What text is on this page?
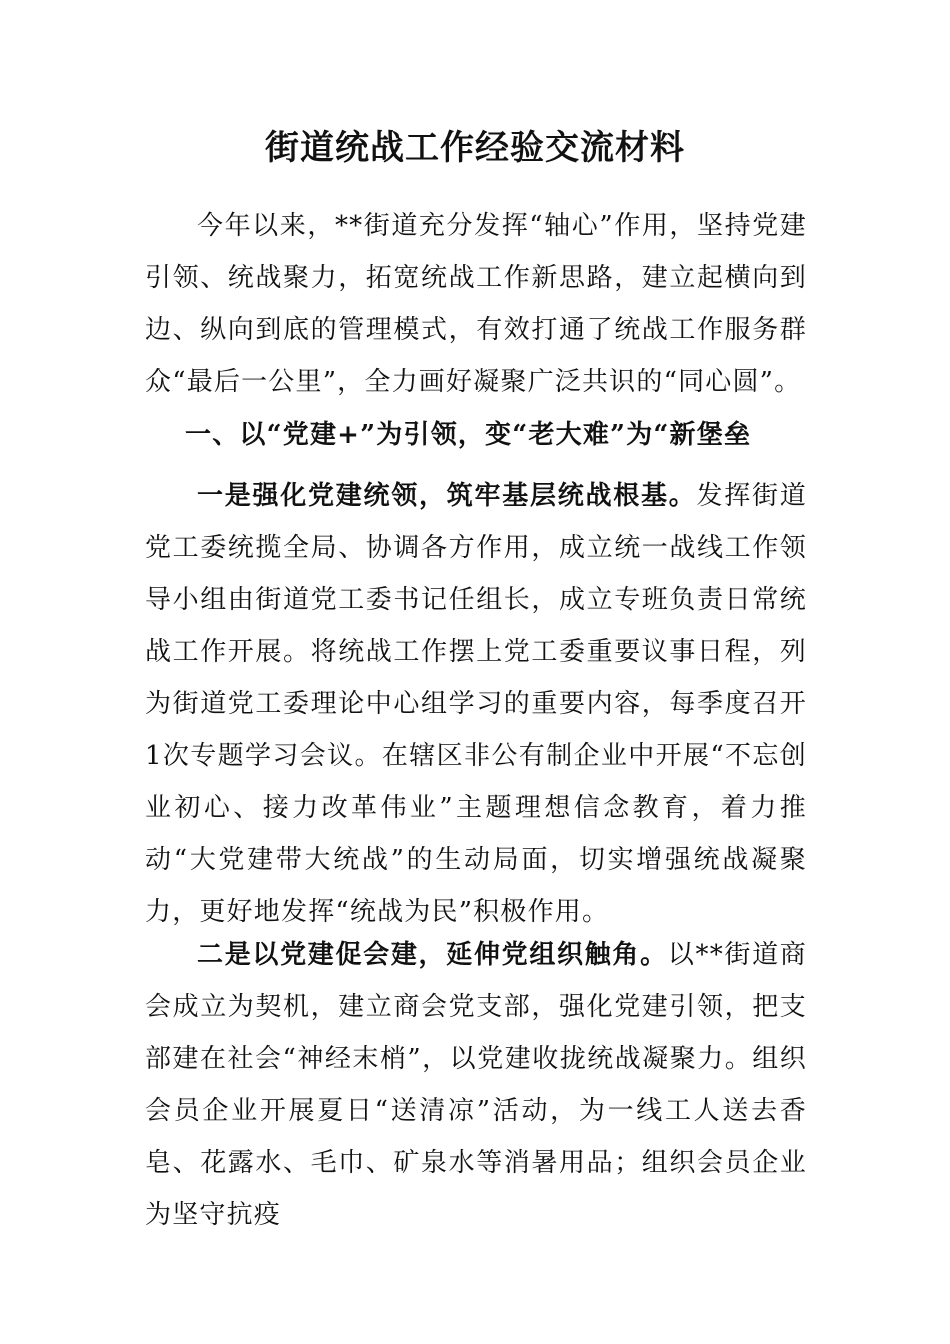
街道统战工作经验交流材料

今年以来，**街道充分发挥“轴心”作用，坚持党建引领、统战聚力，拓宽统战工作新思路，建立起横向到边、纵向到底的管理模式，有效打通了统战工作服务群众“最后一公里”，全力画好凝聚广泛共识的“同心圆”。

一、以“党建+”为引领，变“老大难”为“新堡垒

一是强化党建统领，筑牢基层统战根基。发挥街道党工委统揽全局、协调各方作用，成立统一战线工作领导小组由街道党工委书记任组长，成立专班负责日常统战工作开展。将统战工作摆上党工委重要议事日程，列为街道党工委理论中心组学习的重要内容，每季度召开1次专题学习会议。在辖区非公有制企业中开展“不忘创业初心、接力改革伟业”主题理想信念教育，着力推动“大党建带大统战”的生动局面，切实增强统战凝聚力，更好地发挥“统战为民”积极作用。

二是以党建促会建，延伸党组织触角。以**街道商会成立为契机，建立商会党支部，强化党建引领，把支部建在社会“神经末梢”，以党建收拢统战凝聚力。组织会员企业开展夏日“送清凉”活动，为一线工人送去香皂、花露水、毛巾、矿泉水等消暑用品；组织会员企业为坚守抗疫
